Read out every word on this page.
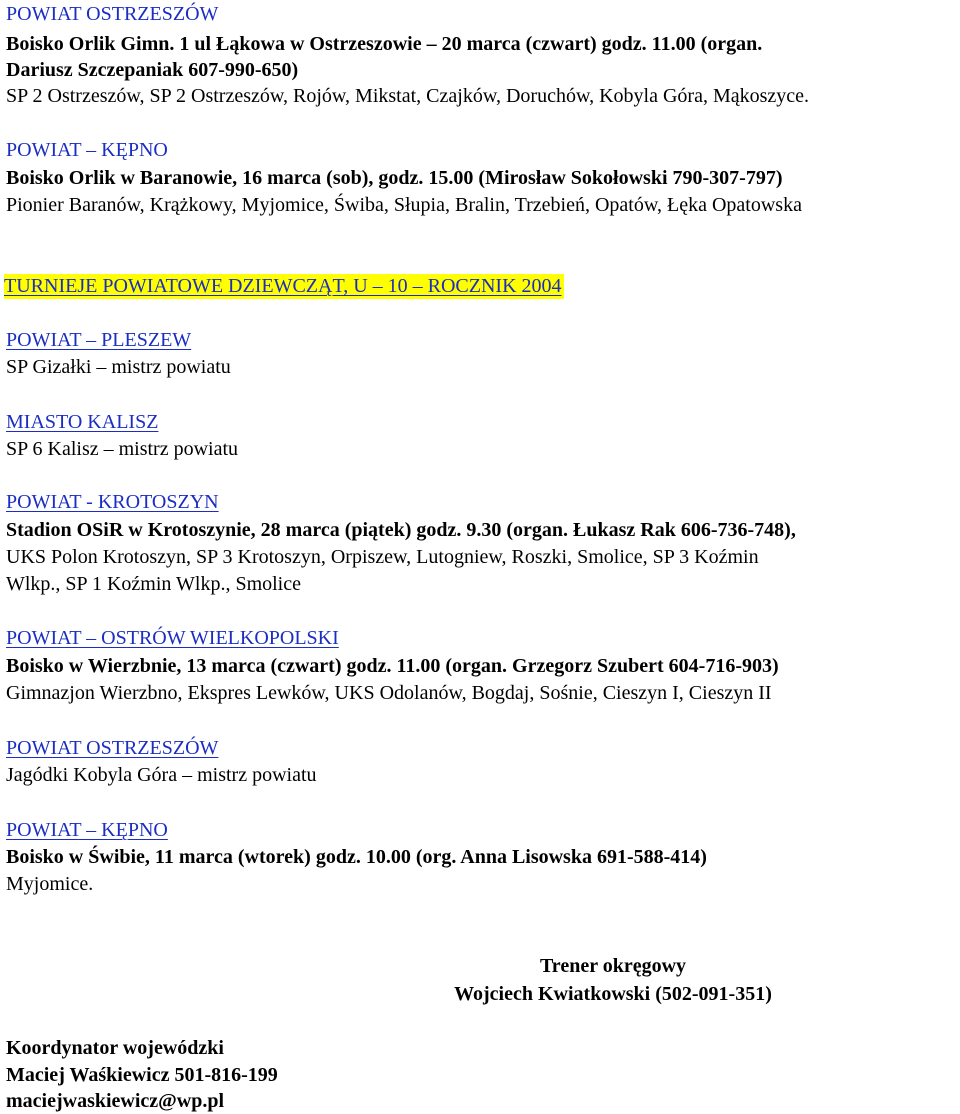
POWIAT OSTRZESZÓW
Boisko Orlik Gimn. 1 ul Łąkowa w Ostrzeszowie – 20 marca (czwart) godz. 11.00 (organ.
Dariusz Szczepaniak 607-990-650)
SP 2 Ostrzeszów, SP 2 Ostrzeszów, Rojów, Mikstat, Czajków, Doruchów, Kobyla Góra, Mąkoszyce.
POWIAT – KĘPNO
Boisko Orlik w Baranowie, 16 marca (sob), godz. 15.00 (Mirosław Sokołowski 790-307-797)
Pionier Baranów, Krążkowy, Myjomice, Świba, Słupia, Bralin, Trzebień, Opatów, Łęka Opatowska
TURNIEJE POWIATOWE DZIEWCZĄT, U – 10 – ROCZNIK 2004
POWIAT – PLESZEW
SP Gizałki – mistrz powiatu
MIASTO KALISZ
SP 6 Kalisz – mistrz powiatu
POWIAT - KROTOSZYN
Stadion OSiR w Krotoszynie, 28 marca (piątek) godz. 9.30 (organ. Łukasz Rak 606-736-748),
UKS Polon Krotoszyn, SP 3 Krotoszyn, Orpiszew, Lutogniew, Roszki, Smolice, SP 3 Koźmin
Wlkp., SP 1 Koźmin Wlkp., Smolice
POWIAT – OSTRÓW WIELKOPOLSKI
Boisko w Wierzbnie, 13 marca (czwart) godz. 11.00 (organ. Grzegorz Szubert 604-716-903)
Gimnazjon Wierzbno, Ekspres Lewków, UKS Odolanów, Bogdaj, Sośnie, Cieszyn I, Cieszyn II
POWIAT OSTRZESZÓW
Jagódki Kobyla Góra – mistrz powiatu
POWIAT – KĘPNO
Boisko w Świbie, 11 marca (wtorek) godz. 10.00 (org. Anna Lisowska 691-588-414)
Myjomice.
Trener okręgowy
Wojciech Kwiatkowski (502-091-351)
Koordynator wojewódzki
Maciej Waśkiewicz 501-816-199
maciejwaskiewicz@wp.pl
